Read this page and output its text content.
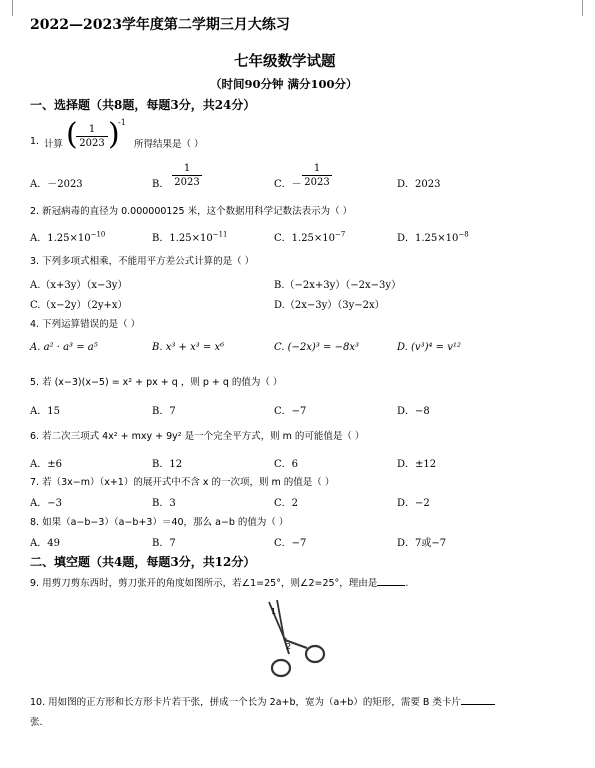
2022—2023学年度第二学期三月大练习
七年级数学试题
（时间90分钟 满分100分）
一、选择题（共8题，每题3分，共24分）
1. 计算 (	1
2023 )
-1
所得结果是（ ）
A．－2023	B．
1
2023	C．－
1
2023	D．2023
2. 新冠病毒的直径为 0.000000125 米，这个数据用科学记数法表示为（ ）
A．$1.25\times 10^{-10}$	B．$1.25\times 10^{-11}$	C．$1.25\times 10^{-7}$	D．$1.25\times 10^{-8}$
3. 下列多项式相乘，不能用平方差公式计算的是（ ）
A.（x+3y）（x−3y）	B.（−2x+3y）（−2x−3y）
C.（x−2y）（2y+x）	D.（2x−3y）（3y−2x）
4. 下列运算错误的是（ ）
A. a² · a³ = a⁵	B. x³ + x³ = x⁶	C. (−2x)³ = −8x³	D. (v³)⁴ = v¹²
5. 若 (x−3)(x−5) = x² + px + q ，则 p + q 的值为（ ）
A．15	B．7	C．−7	D．−8
6. 若二次三项式 4x² + mxy + 9y² 是一个完全平方式，则 m 的可能值是（ ）
A．±6	B．12	C．6	D．±12
7. 若（3x−m）（x+1）的展开式中不含 x 的一次项，则 m 的值是（ ）
A．−3	B．3	C．2	D．−2
8. 如果（a−b−3）（a−b+3）＝40，那么 a−b 的值为（ ）
A．49	B．7	C．−7	D．7或−7
二、填空题（共4题，每题3分，共12分）
9. 用剪刀剪东西时，剪刀张开的角度如图所示，若∠1=25°，则∠2=25°，理由是	.
1
2
10. 用如图的正方形和长方形卡片若干张，拼成一个长为 2a+b，宽为（a+b）的矩形，需要 B 类卡片
张.
